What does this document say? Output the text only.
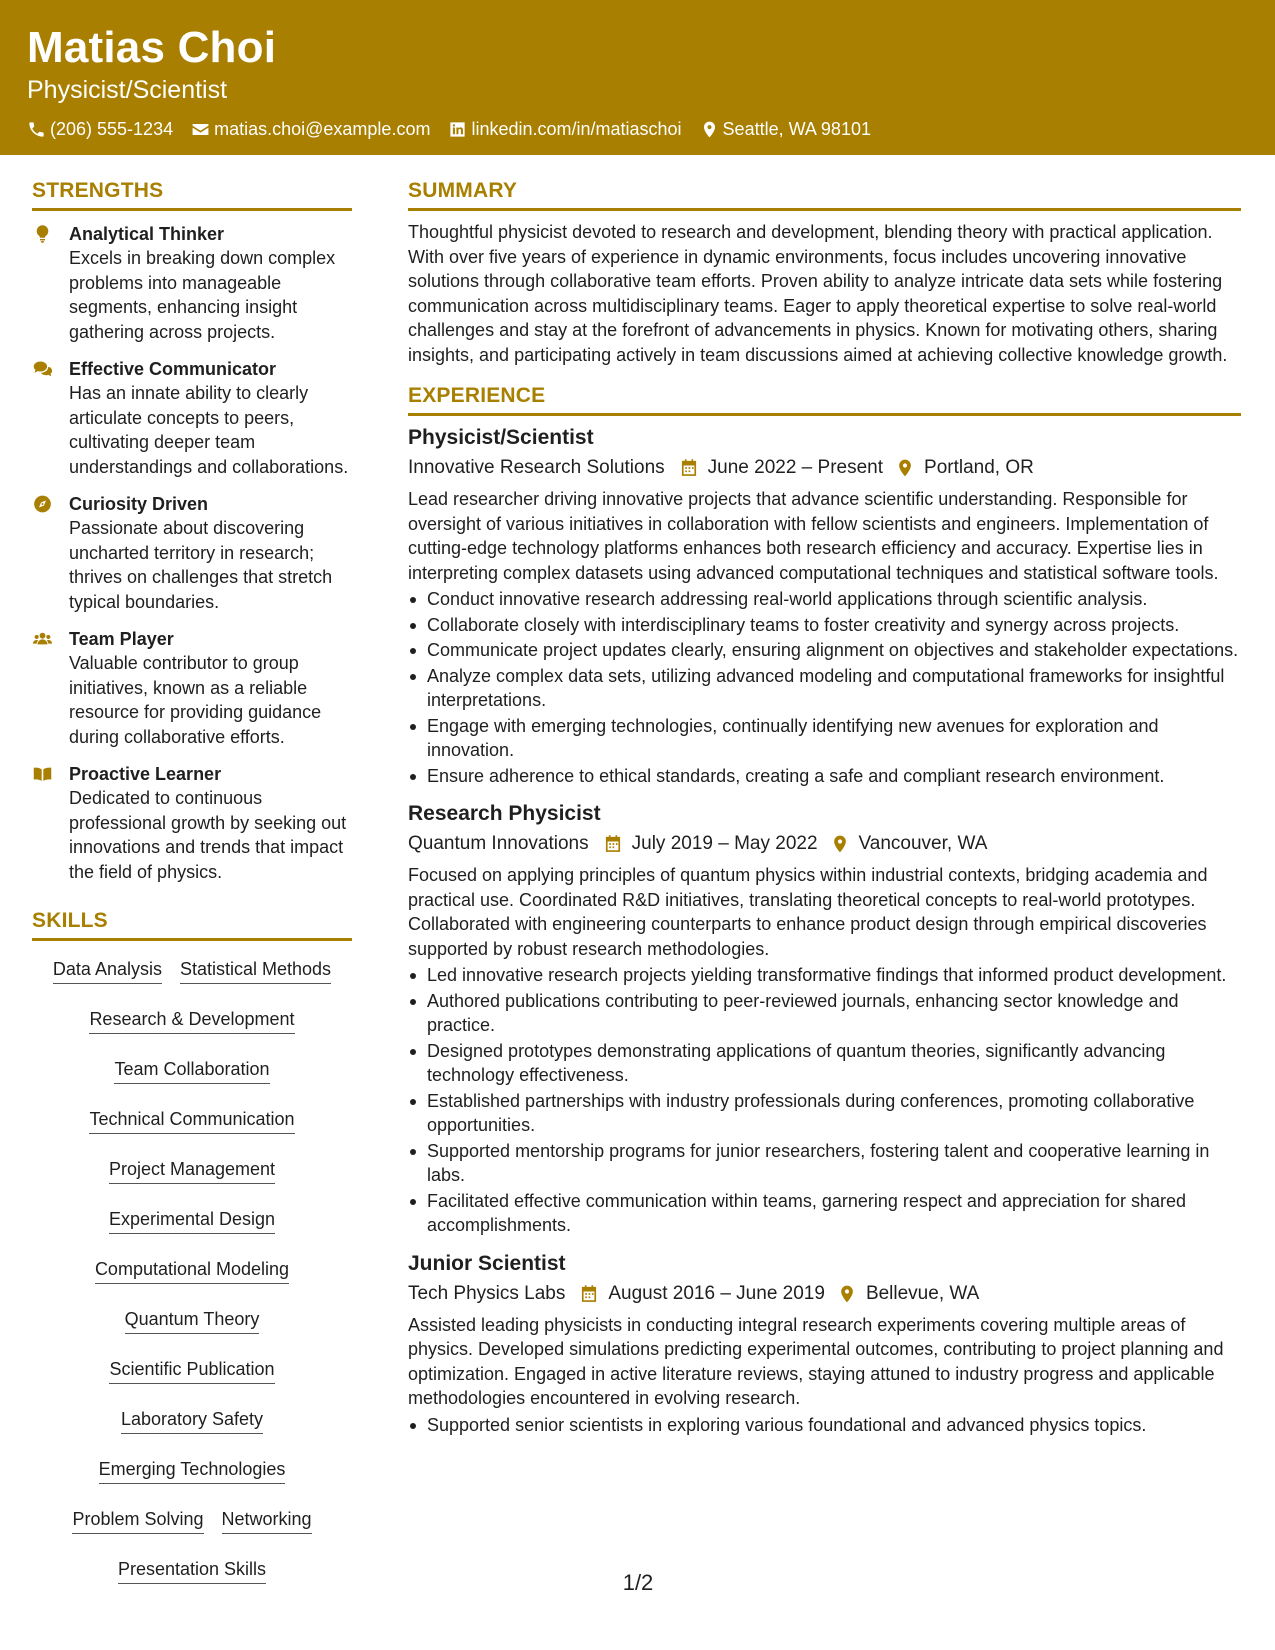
Matias Choi
Physicist/Scientist
(206) 555-1234 matias.choi@example.com linkedin.com/in/matiaschoi Seattle, WA 98101
STRENGTHS
Analytical Thinker
Excels in breaking down complex problems into manageable segments, enhancing insight gathering across projects.
Effective Communicator
Has an innate ability to clearly articulate concepts to peers, cultivating deeper team understandings and collaborations.
Curiosity Driven
Passionate about discovering uncharted territory in research; thrives on challenges that stretch typical boundaries.
Team Player
Valuable contributor to group initiatives, known as a reliable resource for providing guidance during collaborative efforts.
Proactive Learner
Dedicated to continuous professional growth by seeking out innovations and trends that impact the field of physics.
SKILLS
Data Analysis Statistical Methods
Research & Development
Team Collaboration
Technical Communication
Project Management
Experimental Design
Computational Modeling
Quantum Theory
Scientific Publication
Laboratory Safety
Emerging Technologies
Problem Solving Networking
Presentation Skills
SUMMARY

Thoughtful physicist devoted to research and development, blending theory with practical application. With over five years of experience in dynamic environments, focus includes uncovering innovative solutions through collaborative team efforts. Proven ability to analyze intricate data sets while fostering communication across multidisciplinary teams. Eager to apply theoretical expertise to solve real-world challenges and stay at the forefront of advancements in physics. Known for motivating others, sharing insights, and participating actively in team discussions aimed at achieving collective knowledge growth.

EXPERIENCE
Physicist/Scientist
Innovative Research Solutions June 2022 – Present Portland, OR

Lead researcher driving innovative projects that advance scientific understanding. Responsible for oversight of various initiatives in collaboration with fellow scientists and engineers. Implementation of cutting-edge technology platforms enhances both research efficiency and accuracy. Expertise lies in interpreting complex datasets using advanced computational techniques and statistical software tools.

Conduct innovative research addressing real-world applications through scientific analysis.
Collaborate closely with interdisciplinary teams to foster creativity and synergy across projects.
Communicate project updates clearly, ensuring alignment on objectives and stakeholder expectations.
Analyze complex data sets, utilizing advanced modeling and computational frameworks for insightful interpretations.
Engage with emerging technologies, continually identifying new avenues for exploration and innovation.
Ensure adherence to ethical standards, creating a safe and compliant research environment.
Research Physicist
Quantum Innovations July 2019 – May 2022 Vancouver, WA

Focused on applying principles of quantum physics within industrial contexts, bridging academia and practical use. Coordinated R&D initiatives, translating theoretical concepts to real-world prototypes. Collaborated with engineering counterparts to enhance product design through empirical discoveries supported by robust research methodologies.

Led innovative research projects yielding transformative findings that informed product development.
Authored publications contributing to peer-reviewed journals, enhancing sector knowledge and practice.
Designed prototypes demonstrating applications of quantum theories, significantly advancing technology effectiveness.
Established partnerships with industry professionals during conferences, promoting collaborative opportunities.
Supported mentorship programs for junior researchers, fostering talent and cooperative learning in labs.
Facilitated effective communication within teams, garnering respect and appreciation for shared accomplishments.
Junior Scientist
Tech Physics Labs August 2016 – June 2019 Bellevue, WA

Assisted leading physicists in conducting integral research experiments covering multiple areas of physics. Developed simulations predicting experimental outcomes, contributing to project planning and optimization. Engaged in active literature reviews, staying attuned to industry progress and applicable methodologies encountered in evolving research.

Supported senior scientists in exploring various foundational and advanced physics topics.
1/2
